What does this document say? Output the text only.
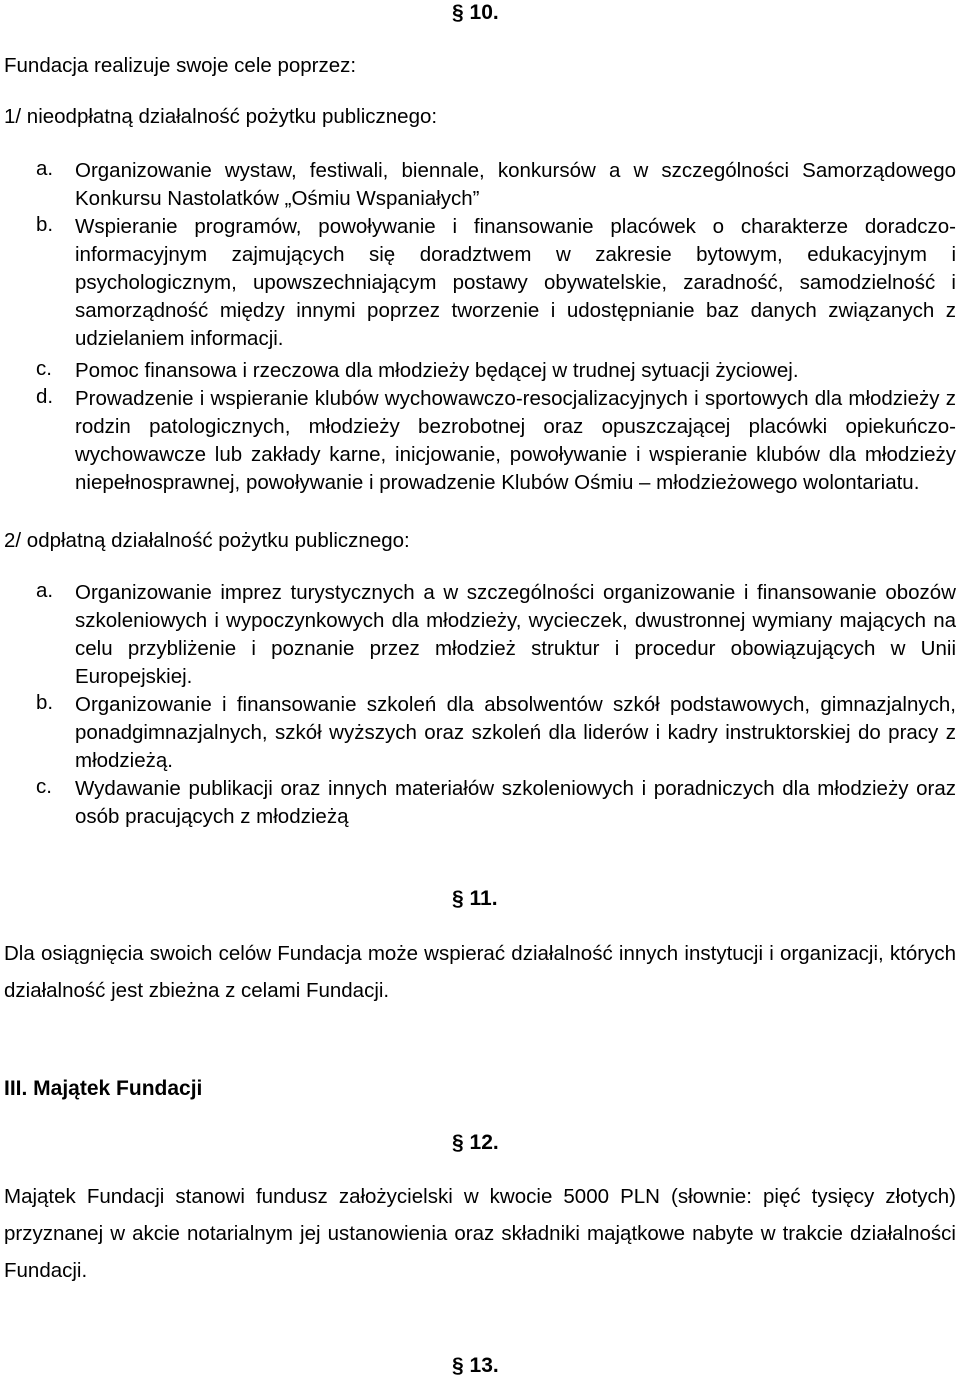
§ 10.
Fundacja realizuje swoje cele poprzez:
1/ nieodpłatną działalność pożytku publicznego:
a. Organizowanie wystaw, festiwali, biennale, konkursów a w szczególności Samorządowego Konkursu Nastolatków „Ośmiu Wspaniałych”
b. Wspieranie programów, powoływanie i finansowanie placówek o charakterze doradczo-informacyjnym zajmujących się doradztwem w zakresie bytowym, edukacyjnym i psychologicznym, upowszechniającym postawy obywatelskie, zaradność, samodzielność i samorządność między innymi poprzez tworzenie i udostępnianie baz danych związanych z udzielaniem informacji.
c. Pomoc finansowa i rzeczowa dla młodzieży będącej w trudnej sytuacji życiowej.
d. Prowadzenie i wspieranie klubów wychowawczo-resocjalizacyjnych i sportowych dla młodzieży z rodzin patologicznych, młodzieży bezrobotnej oraz opuszczającej placówki opiekuńczo-wychowawcze lub zakłady karne, inicjowanie, powoływanie i wspieranie klubów dla młodzieży niepełnosprawnej, powoływanie i prowadzenie Klubów Ośmiu – młodzieżowego wolontariatu.
2/ odpłatną działalność pożytku publicznego:
a. Organizowanie imprez turystycznych a w szczególności organizowanie i finansowanie obozów szkoleniowych i wypoczynkowych dla młodzieży, wycieczek, dwustronnej wymiany mających na celu przybliżenie i poznanie przez młodzież struktur i procedur obowiązujących w Unii Europejskiej.
b. Organizowanie i finansowanie szkoleń dla absolwentów szkół podstawowych, gimnazjalnych, ponadgimnazjalnych, szkół wyższych oraz szkoleń dla liderów i kadry instruktorskiej do pracy z młodzieżą.
c. Wydawanie publikacji oraz innych materiałów szkoleniowych i poradniczych dla młodzieży oraz osób pracujących z młodzieżą
§ 11.
Dla osiągnięcia swoich celów Fundacja może wspierać działalność innych instytucji i organizacji, których działalność jest zbieżna z celami Fundacji.
III. Majątek Fundacji
§ 12.
Majątek Fundacji stanowi fundusz założycielski w kwocie 5000 PLN (słownie: pięć tysięcy złotych) przyznanej w akcie notarialnym jej ustanowienia oraz składniki majątkowe nabyte w trakcie działalności Fundacji.
§ 13.
